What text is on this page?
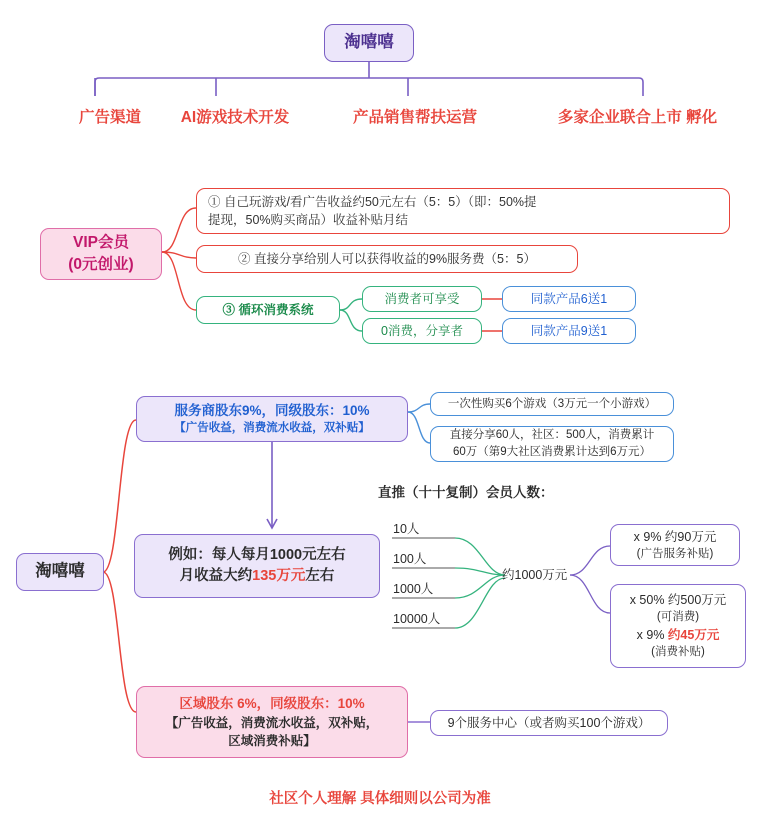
淘嘻嘻
广告渠道	AI游戏技术开发	产品销售帮扶运营	多家企业联合上市 孵化
VIP会员
(0元创业)
① 自己玩游戏/看广告收益约50元左右（5：5）（即：50%提
提现，50%购买商品）收益补贴月结
② 直接分享给别人可以获得收益的9%服务费（5：5）
③ 循环消费系统
消费者可享受
0消费，分享者
同款产品6送1
同款产品9送1
淘嘻嘻
服务商股东9%，同级股东：10%
【广告收益，消费流水收益，双补贴】
一次性购买6个游戏（3万元一个小游戏）
直接分享60人，社区：500人，消费累计
60万（第9大社区消费累计达到6万元）
例如：每人每月1000元左右
月收益大约135万元左右
直推（十十复制）会员人数：
10人
100人
1000人
10000人
约1000万元
x 9% 约90万元
(广告服务补贴)
x 50% 约500万元
(可消费)
x 9% 约45万元
(消费补贴)
区域股东 6%，同级股东：10%
【广告收益，消费流水收益，双补贴，
区域消费补贴】
9个服务中心（或者购买100个游戏）
社区个人理解 具体细则以公司为准
